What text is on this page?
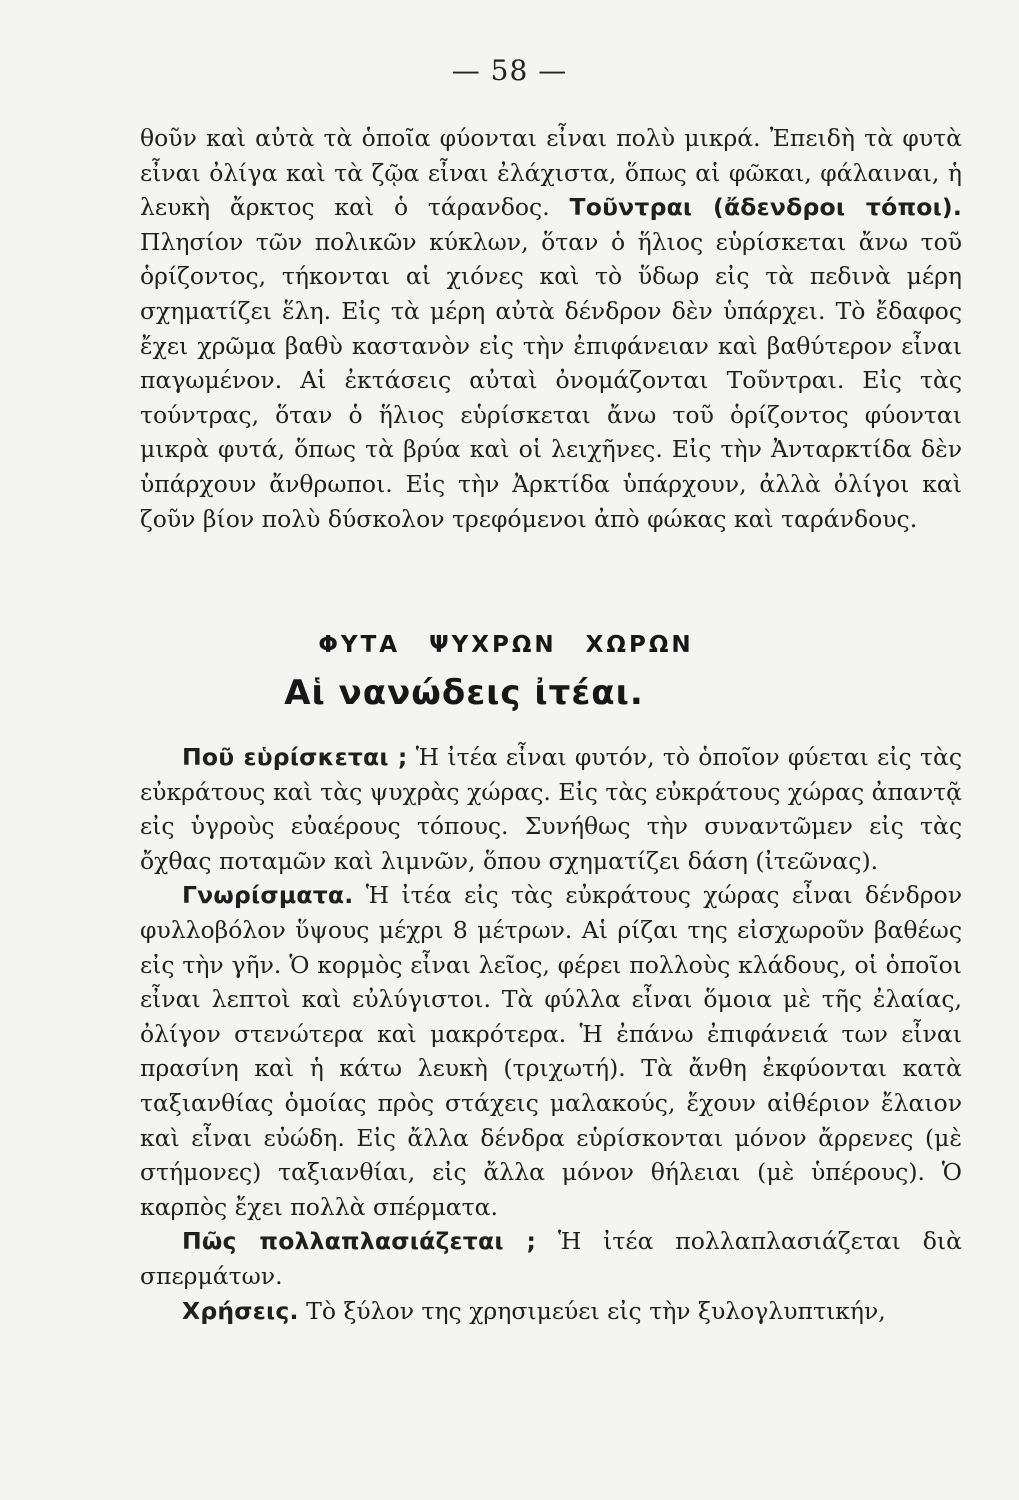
— 58 —

θοῦν καὶ αὐτὰ τὰ ὁποῖα φύονται εἶναι πολὺ μικρά. Ἐπειδὴ τὰ φυτὰ εἶναι ὀλίγα καὶ τὰ ζῷα εἶναι ἐλάχιστα, ὅπως αἱ φῶκαι, φάλαιναι, ἡ λευκὴ ἄρκτος καὶ ὁ τάρανδος. Τοῦντραι (ἄδενδροι τόποι). Πλησίον τῶν πολικῶν κύκλων, ὅταν ὁ ἥλιος εὑρίσκεται ἄνω τοῦ ὁρίζοντος, τήκονται αἱ χιόνες καὶ τὸ ὕδωρ εἰς τὰ πεδινὰ μέρη σχηματίζει ἕλη. Εἰς τὰ μέρη αὐτὰ δένδρον δὲν ὑπάρχει. Τὸ ἔδαφος ἔχει χρῶμα βαθὺ καστανὸν εἰς τὴν ἐπιφάνειαν καὶ βαθύτερον εἶναι παγωμένον. Αἱ ἐκτάσεις αὐταὶ ὀνομάζονται Τοῦντραι. Εἰς τὰς τούντρας, ὅταν ὁ ἥλιος εὑρίσκεται ἄνω τοῦ ὁρίζοντος φύονται μικρὰ φυτά, ὅπως τὰ βρύα καὶ οἱ λειχῆνες. Εἰς τὴν Ἀνταρκτίδα δὲν ὑπάρχουν ἄνθρωποι. Εἰς τὴν Ἀρκτίδα ὑπάρχουν, ἀλλὰ ὀλίγοι καὶ ζοῦν βίον πολὺ δύσκολον τρεφόμενοι ἀπὸ φώκας καὶ ταράνδους.

ΦΥΤΑ ΨΥΧΡΩΝ ΧΩΡΩΝ
Αἱ νανώδεις ἰτέαι.

Ποῦ εὑρίσκεται ; Ἡ ἰτέα εἶναι φυτόν, τὸ ὁποῖον φύεται εἰς τὰς εὐκράτους καὶ τὰς ψυχρὰς χώρας. Εἰς τὰς εὐκράτους χώρας ἀπαντᾷ εἰς ὑγροὺς εὐαέρους τόπους. Συνήθως τὴν συναντῶμεν εἰς τὰς ὄχθας ποταμῶν καὶ λιμνῶν, ὅπου σχηματίζει δάση (ἰτεῶνας).

Γνωρίσματα. Ἡ ἰτέα εἰς τὰς εὐκράτους χώρας εἶναι δένδρον φυλλοβόλον ὕψους μέχρι 8 μέτρων. Αἱ ρίζαι της εἰσχωροῦν βαθέως εἰς τὴν γῆν. Ὁ κορμὸς εἶναι λεῖος, φέρει πολλοὺς κλάδους, οἱ ὁποῖοι εἶναι λεπτοὶ καὶ εὐλύγιστοι. Τὰ φύλλα εἶναι ὅμοια μὲ τῆς ἐλαίας, ὀλίγον στενώτερα καὶ μακρότερα. Ἡ ἐπάνω ἐπιφάνειά των εἶναι πρασίνη καὶ ἡ κάτω λευκὴ (τριχωτή). Τὰ ἄνθη ἐκφύονται κατὰ ταξιανθίας ὁμοίας πρὸς στάχεις μαλακούς, ἔχουν αἰθέριον ἔλαιον καὶ εἶναι εὐώδη. Εἰς ἄλλα δένδρα εὑρίσκονται μόνον ἄρρενες (μὲ στήμονες) ταξιανθίαι, εἰς ἄλλα μόνον θήλειαι (μὲ ὑπέρους). Ὁ καρπὸς ἔχει πολλὰ σπέρματα.

Πῶς πολλαπλασιάζεται ; Ἡ ἰτέα πολλαπλασιάζεται διὰ σπερμάτων.

Χρήσεις. Τὸ ξύλον της χρησιμεύει εἰς τὴν ξυλογλυπτικήν,
